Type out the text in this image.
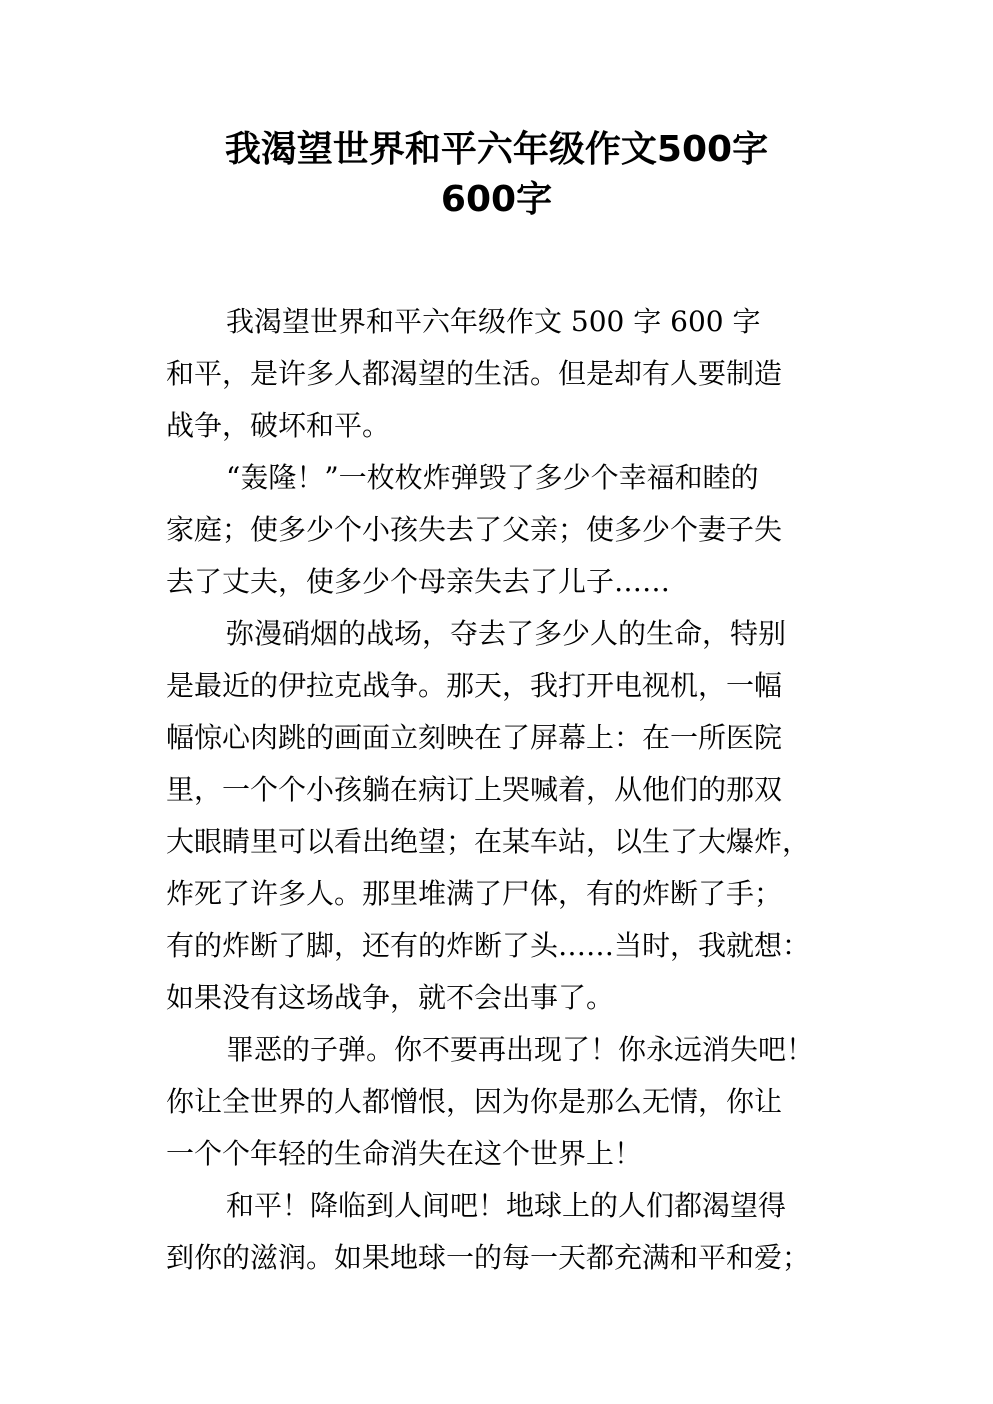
我渴望世界和平六年级作文500字
600字
我渴望世界和平六年级作文 500 字 600 字
和平，是许多人都渴望的生活。但是却有人要制造
战争，破坏和平。
“轰隆！”一枚枚炸弹毁了多少个幸福和睦的
家庭；使多少个小孩失去了父亲；使多少个妻子失
去了丈夫，使多少个母亲失去了儿子……
弥漫硝烟的战场，夺去了多少人的生命，特别
是最近的伊拉克战争。那天，我打开电视机，一幅
幅惊心肉跳的画面立刻映在了屏幕上：在一所医院
里，一个个小孩躺在病订上哭喊着，从他们的那双
大眼睛里可以看出绝望；在某车站，以生了大爆炸，
炸死了许多人。那里堆满了尸体，有的炸断了手；
有的炸断了脚，还有的炸断了头……当时，我就想：
如果没有这场战争，就不会出事了。
罪恶的子弹。你不要再出现了！你永远消失吧！
你让全世界的人都憎恨，因为你是那么无情，你让
一个个年轻的生命消失在这个世界上！
和平！降临到人间吧！地球上的人们都渴望得
到你的滋润。如果地球一的每一天都充满和平和爱；
